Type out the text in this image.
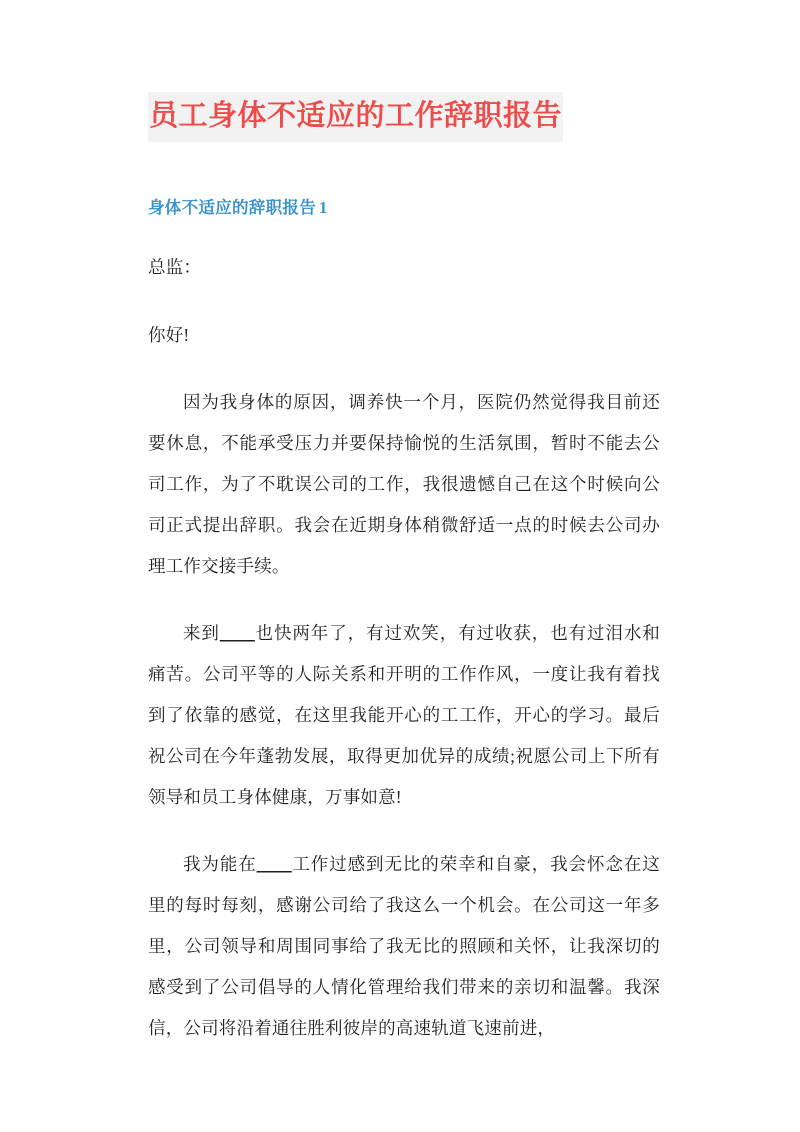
员工身体不适应的工作辞职报告
身体不适应的辞职报告 1

总监：

你好!

因为我身体的原因，调养快一个月，医院仍然觉得我目前还要休息，不能承受压力并要保持愉悦的生活氛围，暂时不能去公司工作，为了不耽误公司的工作，我很遗憾自己在这个时候向公司正式提出辞职。我会在近期身体稍微舒适一点的时候去公司办理工作交接手续。

来到____也快两年了，有过欢笑，有过收获，也有过泪水和痛苦。公司平等的人际关系和开明的工作作风，一度让我有着找到了依靠的感觉，在这里我能开心的工工作，开心的学习。最后祝公司在今年蓬勃发展，取得更加优异的成绩;祝愿公司上下所有领导和员工身体健康，万事如意!

我为能在____工作过感到无比的荣幸和自豪，我会怀念在这里的每时每刻，感谢公司给了我这么一个机会。在公司这一年多里，公司领导和周围同事给了我无比的照顾和关怀，让我深切的感受到了公司倡导的人情化管理给我们带来的亲切和温馨。我深信，公司将沿着通往胜利彼岸的高速轨道飞速前进，
